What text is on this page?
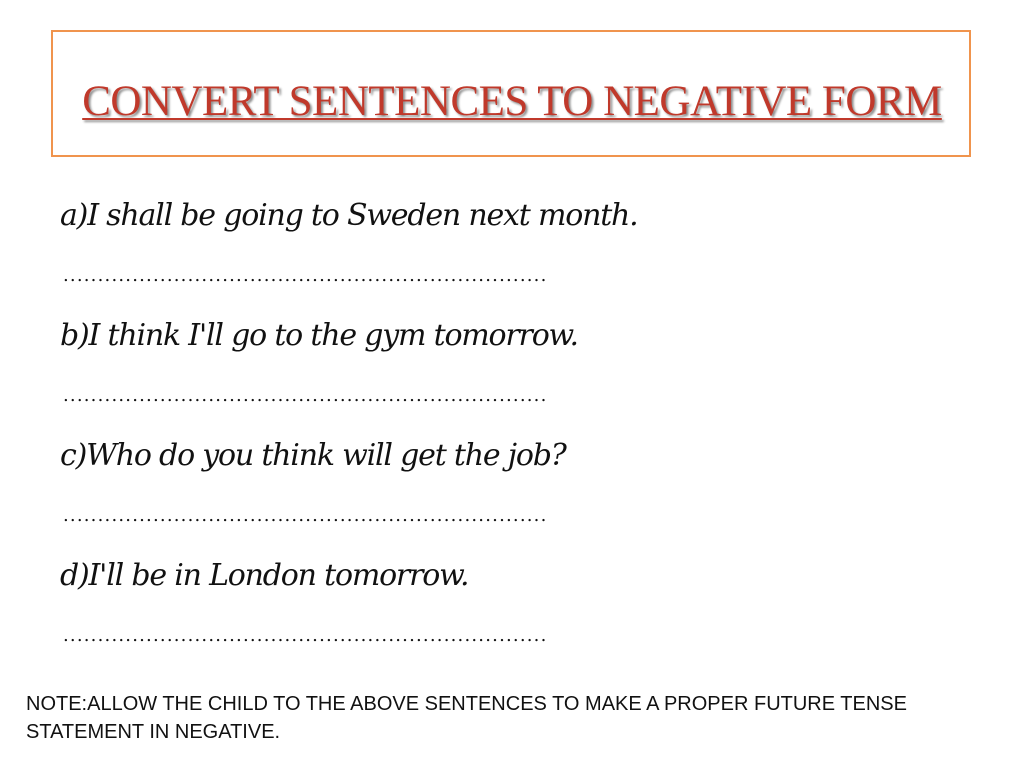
CONVERT SENTENCES TO NEGATIVE FORM
a)I shall be going to Sweden next month.
......................................................................
b)I think I'll go to the gym tomorrow.
......................................................................
c)Who do you think will get the job?
......................................................................
d)I'll be in London tomorrow.
......................................................................
NOTE:ALLOW THE CHILD TO THE ABOVE SENTENCES TO MAKE A PROPER FUTURE TENSE STATEMENT IN NEGATIVE.
